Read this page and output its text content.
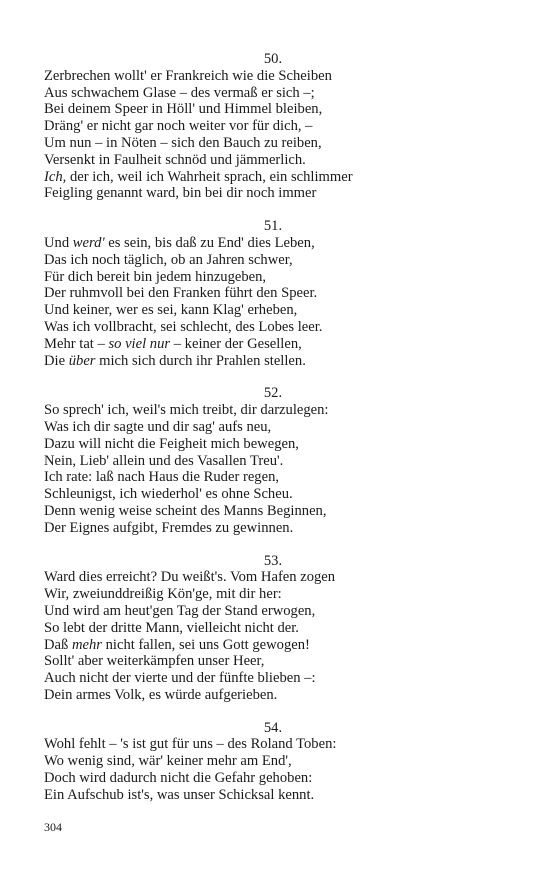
50.
Zerbrechen wollt' er Frankreich wie die Scheiben
Aus schwachem Glase – des vermaß er sich –;
Bei deinem Speer in Höll' und Himmel bleiben,
Dräng' er nicht gar noch weiter vor für dich, –
Um nun – in Nöten – sich den Bauch zu reiben,
Versenkt in Faulheit schnöd und jämmerlich.
Ich, der ich, weil ich Wahrheit sprach, ein schlimmer
Feigling genannt ward, bin bei dir noch immer
51.
Und werd' es sein, bis daß zu End' dies Leben,
Das ich noch täglich, ob an Jahren schwer,
Für dich bereit bin jedem hinzugeben,
Der ruhmvoll bei den Franken führt den Speer.
Und keiner, wer es sei, kann Klag' erheben,
Was ich vollbracht, sei schlecht, des Lobes leer.
Mehr tat – so viel nur – keiner der Gesellen,
Die über mich sich durch ihr Prahlen stellen.
52.
So sprech' ich, weil's mich treibt, dir darzulegen:
Was ich dir sagte und dir sag' aufs neu,
Dazu will nicht die Feigheit mich bewegen,
Nein, Lieb' allein und des Vasallen Treu'.
Ich rate: laß nach Haus die Ruder regen,
Schleunigst, ich wiederhol' es ohne Scheu.
Denn wenig weise scheint des Manns Beginnen,
Der Eignes aufgibt, Fremdes zu gewinnen.
53.
Ward dies erreicht? Du weißt's. Vom Hafen zogen
Wir, zweiunddreißig Kön'ge, mit dir her:
Und wird am heut'gen Tag der Stand erwogen,
So lebt der dritte Mann, vielleicht nicht der.
Daß mehr nicht fallen, sei uns Gott gewogen!
Sollt' aber weiterkämpfen unser Heer,
Auch nicht der vierte und der fünfte blieben –:
Dein armes Volk, es würde aufgerieben.
54.
Wohl fehlt – 's ist gut für uns – des Roland Toben:
Wo wenig sind, wär' keiner mehr am End',
Doch wird dadurch nicht die Gefahr gehoben:
Ein Aufschub ist's, was unser Schicksal kennt.
304
